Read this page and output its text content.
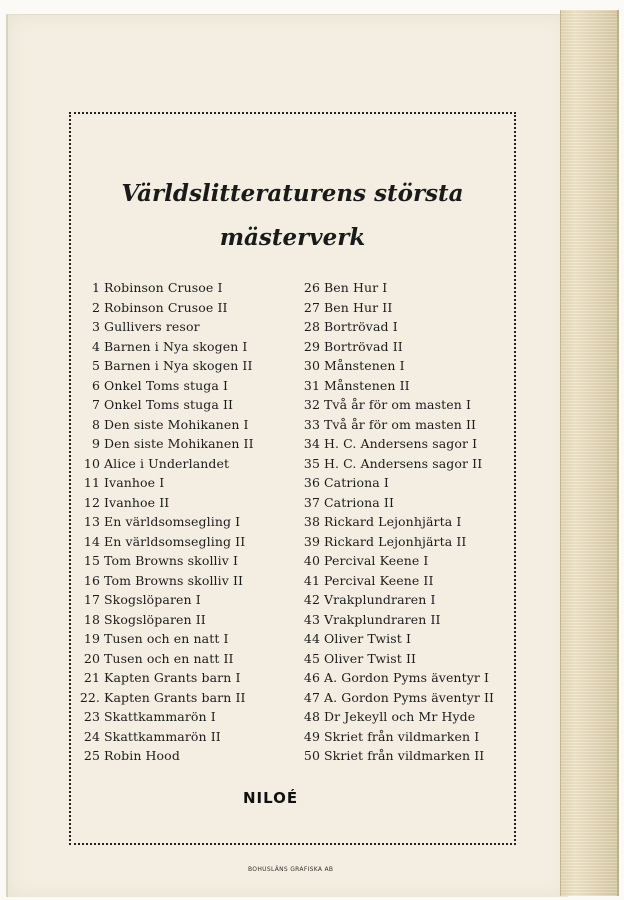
Världslitteraturens största
mästerverk
1 Robinson Crusoe I
2 Robinson Crusoe II
3 Gullivers resor
4 Barnen i Nya skogen I
5 Barnen i Nya skogen II
6 Onkel Toms stuga I
7 Onkel Toms stuga II
8 Den siste Mohikanen I
9 Den siste Mohikanen II
10 Alice i Underlandet
11 Ivanhoe I
12 Ivanhoe II
13 En världsomsegling I
14 En världsomsegling II
15 Tom Browns skolliv I
16 Tom Browns skolliv II
17 Skogslöparen I
18 Skogslöparen II
19 Tusen och en natt I
20 Tusen och en natt II
21 Kapten Grants barn I
22. Kapten Grants barn II
23 Skattkammarön I
24 Skattkammarön II
25 Robin Hood
26 Ben Hur I
27 Ben Hur II
28 Bortrövad I
29 Bortrövad II
30 Månstenen I
31 Månstenen II
32 Två år för om masten I
33 Två år för om masten II
34 H. C. Andersens sagor I
35 H. C. Andersens sagor II
36 Catriona I
37 Catriona II
38 Rickard Lejonhjärta I
39 Rickard Lejonhjärta II
40 Percival Keene I
41 Percival Keene II
42 Vrakplundraren I
43 Vrakplundraren II
44 Oliver Twist I
45 Oliver Twist II
46 A. Gordon Pyms äventyr I
47 A. Gordon Pyms äventyr II
48 Dr Jekeyll och Mr Hyde
49 Skriet från vildmarken I
50 Skriet från vildmarken II
NILOÉ
BOHUSLÄNS GRAFISKA AB
